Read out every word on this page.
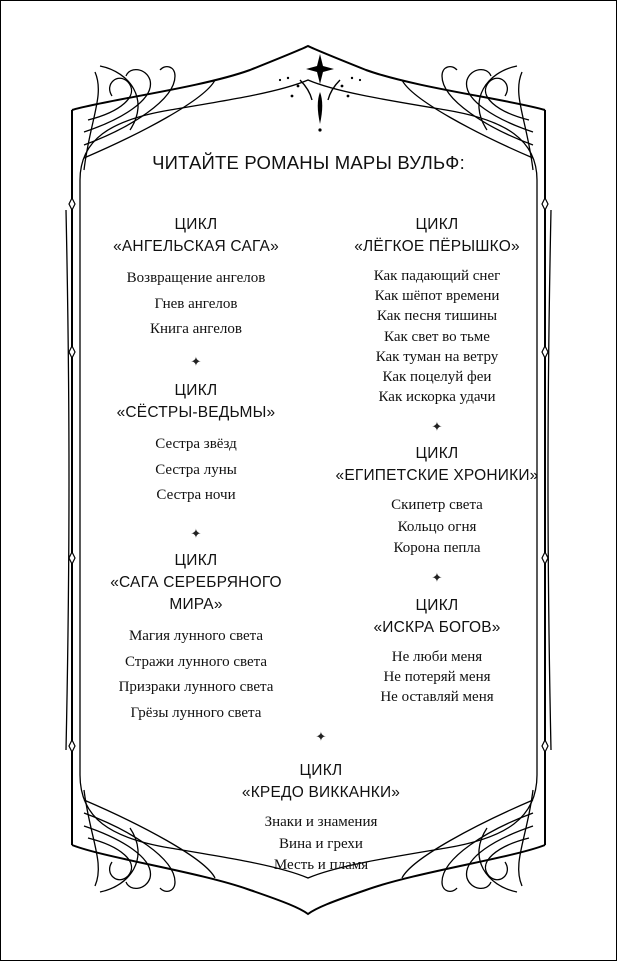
ЧИТАЙТЕ РОМАНЫ МАРЫ ВУЛЬФ:
ЦИКЛ
«АНГЕЛЬСКАЯ САГА»
Возвращение ангелов
Гнев ангелов
Книга ангелов
✦
ЦИКЛ
«СЁСТРЫ-ВЕДЬМЫ»
Сестра звёзд
Сестра луны
Сестра ночи
✦
ЦИКЛ
«САГА СЕРЕБРЯНОГО МИРА»
Магия лунного света
Стражи лунного света
Призраки лунного света
Грёзы лунного света
ЦИКЛ
«ЛЁГКОЕ ПЁРЫШКО»
Как падающий снег
Как шёпот времени
Как песня тишины
Как свет во тьме
Как туман на ветру
Как поцелуй феи
Как искорка удачи
✦
ЦИКЛ
«ЕГИПЕТСКИЕ ХРОНИКИ»
Скипетр света
Кольцо огня
Корона пепла
✦
ЦИКЛ
«ИСКРА БОГОВ»
Не люби меня
Не потеряй меня
Не оставляй меня
✦
ЦИКЛ
«КРЕДО ВИККАНКИ»
Знаки и знамения
Вина и грехи
Месть и пламя
